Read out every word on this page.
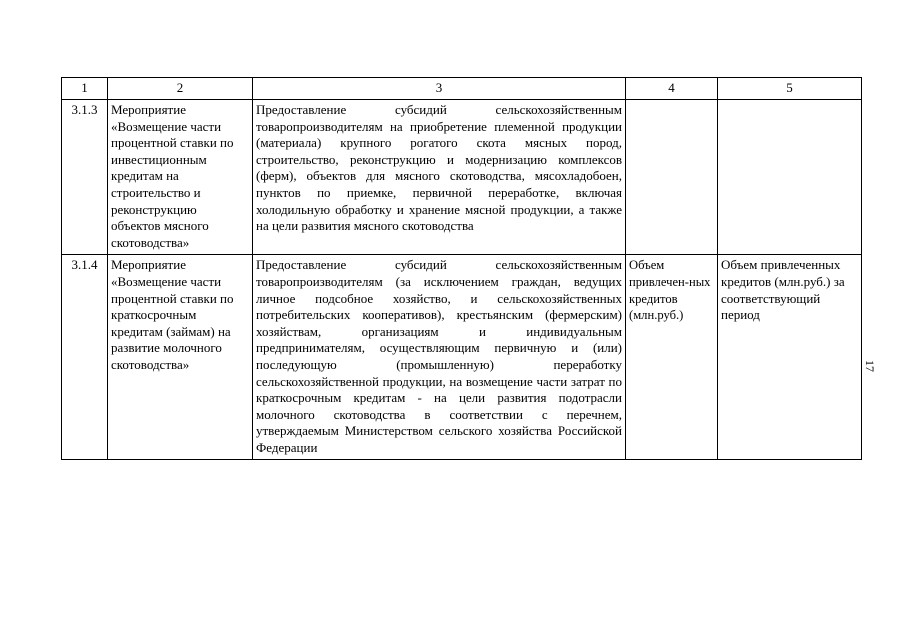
1	2	3	4	5
3.1.3	Мероприятие «Возмещение части процентной ставки по инвестиционным кредитам на строительство и реконструкцию объектов мясного скотоводства»	Предоставление субсидий сельскохозяйственным товаропроизводителям на приобретение племенной продукции (материала) крупного рогатого скота мясных пород, строительство, реконструкцию и модернизацию комплексов (ферм), объектов для мясного скотоводства, мясохладобоен, пунктов по приемке, первичной переработке, включая холодильную обработку и хранение мясной продукции, а также на цели развития мясного скотоводства		
3.1.4	Мероприятие «Возмещение части процентной ставки по краткосрочным кредитам (займам) на развитие молочного скотоводства»	Предоставление субсидий сельскохозяйственным товаропроизводителям (за исключением граждан, ведущих личное подсобное хозяйство, и сельскохозяйственных потребительских кооперативов), крестьянским (фермерским) хозяйствам, организациям и индивидуальным предпринимателям, осуществляющим первичную и (или) последующую (промышленную) переработку сельскохозяйственной продукции, на возмещение части затрат по краткосрочным кредитам - на цели развития подотрасли молочного скотоводства в соответствии с перечнем, утверждаемым Министерством сельского хозяйства Российской Федерации	Объем привлечен-ных кредитов (млн.руб.)	Объем привлеченных кредитов (млн.руб.) за соответствующий период
17
